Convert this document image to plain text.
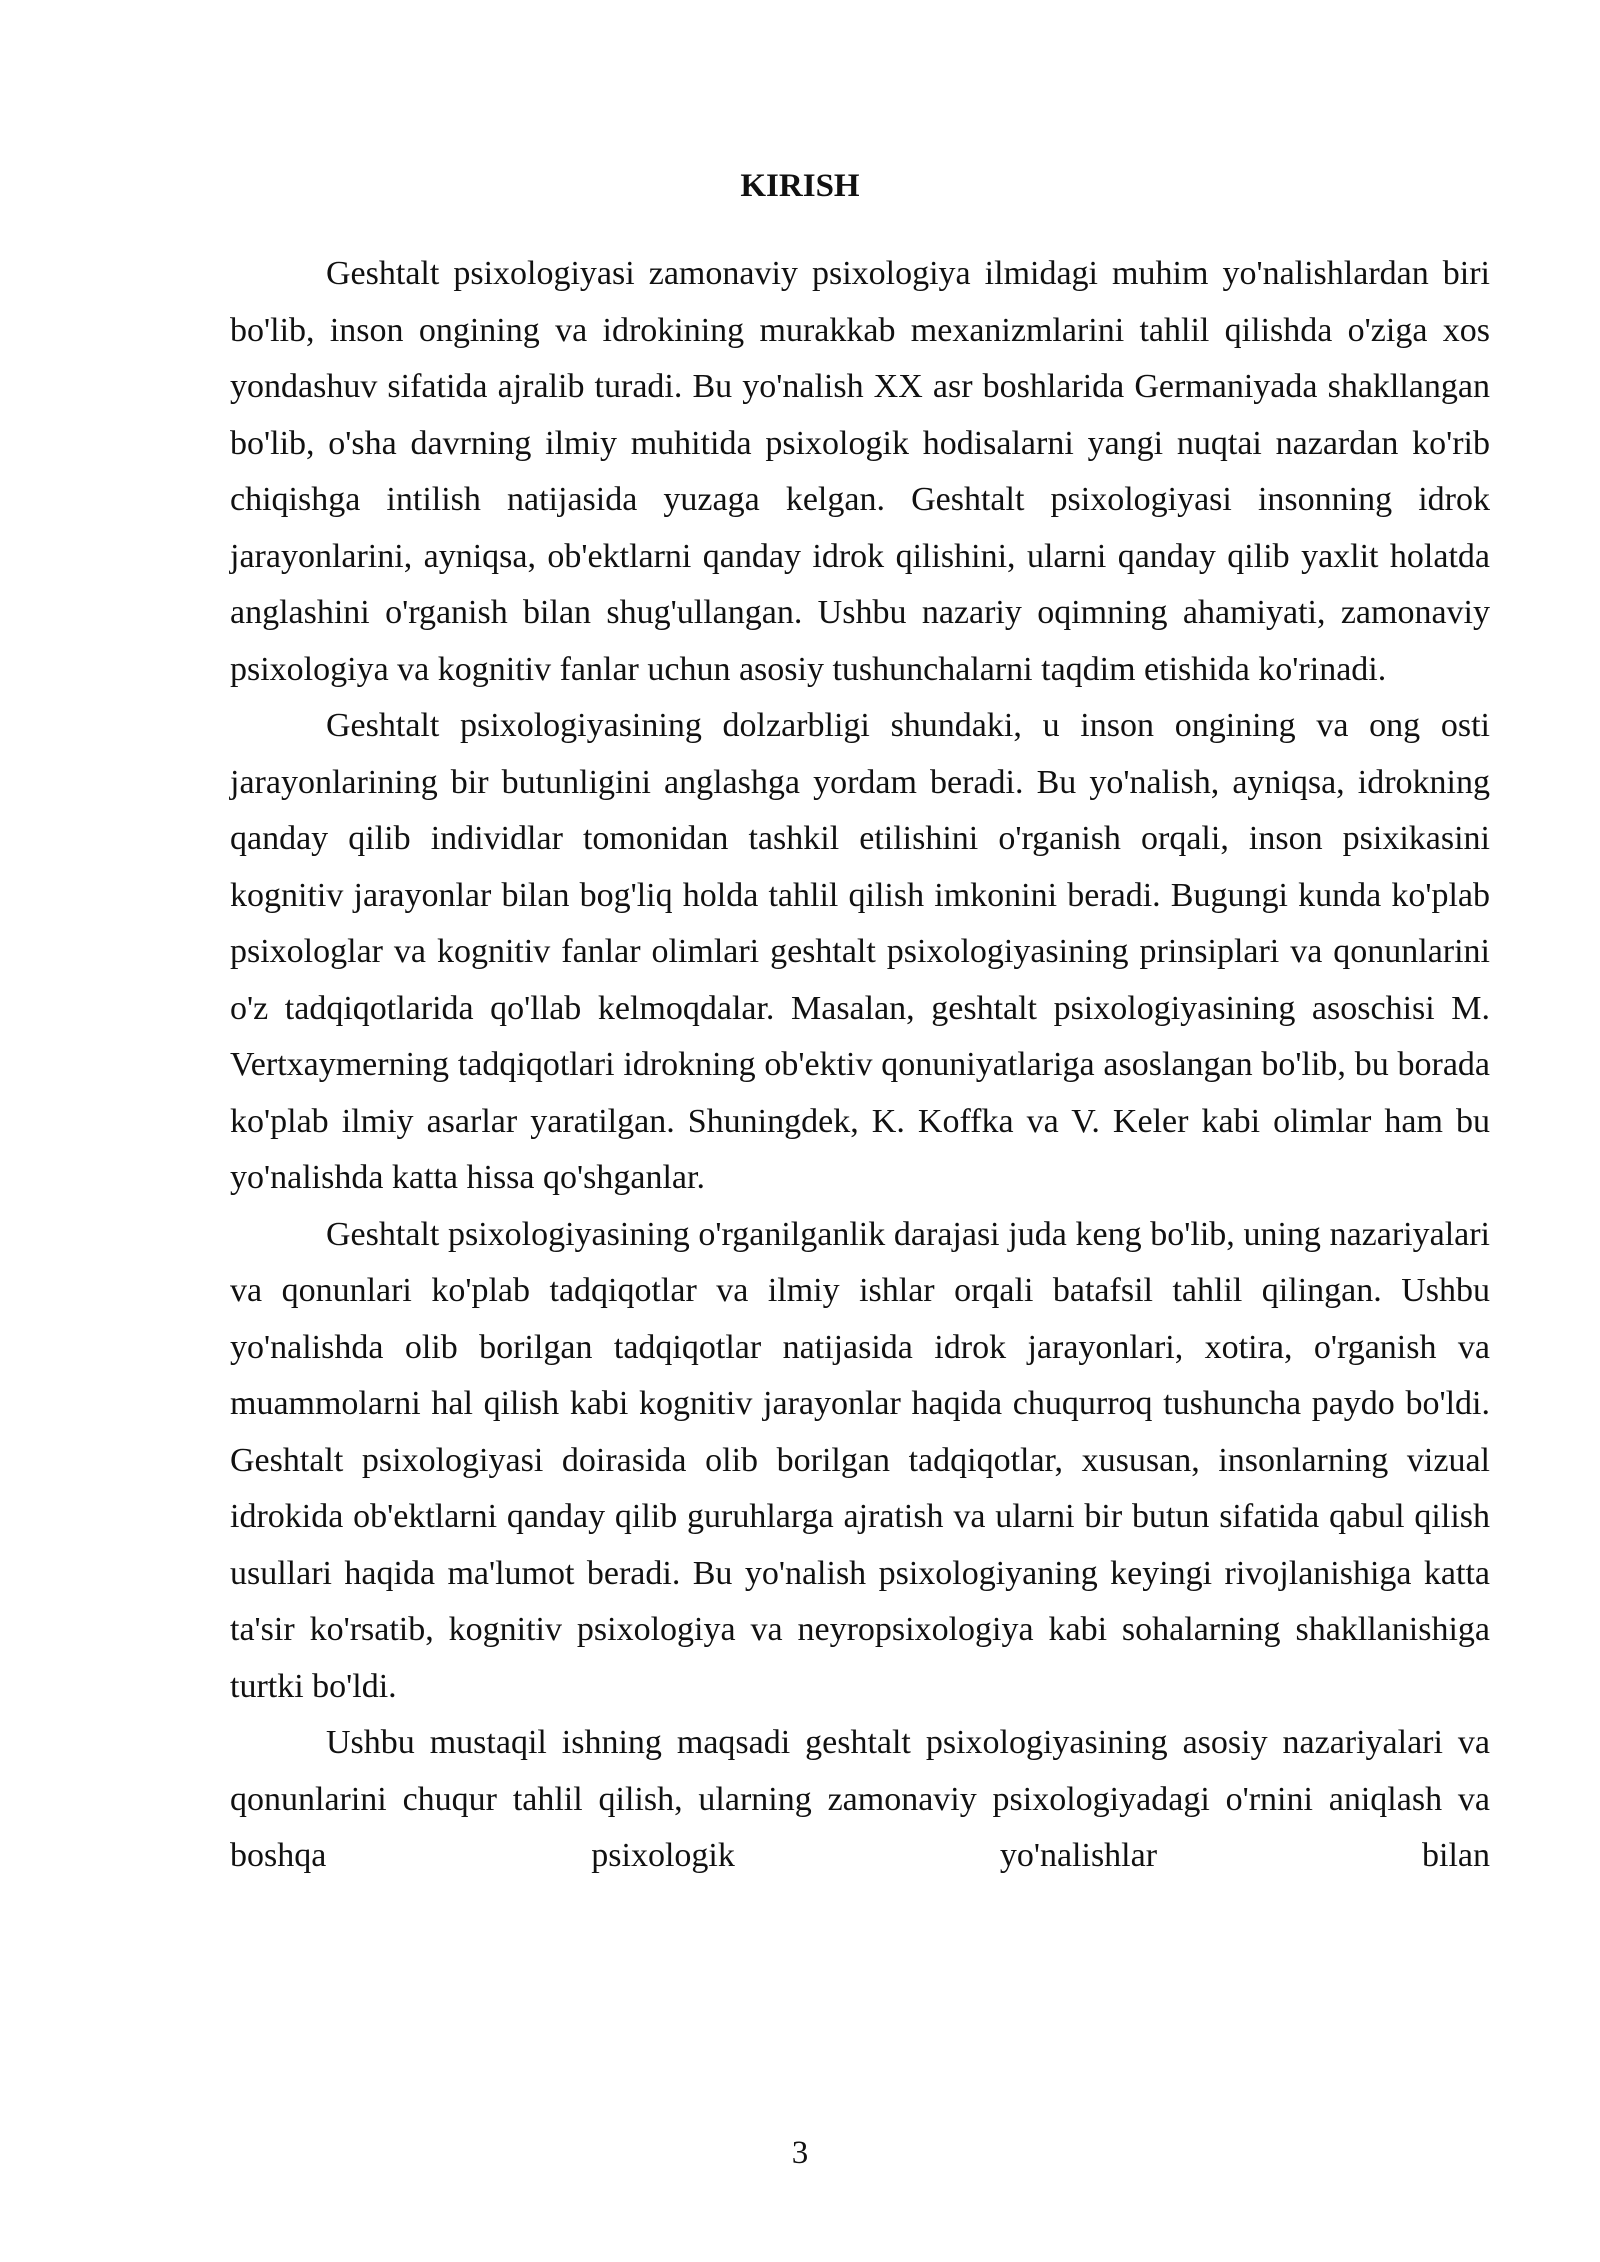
KIRISH

Geshtalt psixologiyasi zamonaviy psixologiya ilmidagi muhim yo'nalishlardan biri bo'lib, inson ongining va idrokining murakkab mexanizmlarini tahlil qilishda o'ziga xos yondashuv sifatida ajralib turadi. Bu yo'nalish XX asr boshlarida Germaniyada shakllangan bo'lib, o'sha davrning ilmiy muhitida psixologik hodisalarni yangi nuqtai nazardan ko'rib chiqishga intilish natijasida yuzaga kelgan. Geshtalt psixologiyasi insonning idrok jarayonlarini, ayniqsa, ob'ektlarni qanday idrok qilishini, ularni qanday qilib yaxlit holatda anglashini o'rganish bilan shug'ullangan. Ushbu nazariy oqimning ahamiyati, zamonaviy psixologiya va kognitiv fanlar uchun asosiy tushunchalarni taqdim etishida ko'rinadi.

Geshtalt psixologiyasining dolzarbligi shundaki, u inson ongining va ong osti jarayonlarining bir butunligini anglashga yordam beradi. Bu yo'nalish, ayniqsa, idrokning qanday qilib individlar tomonidan tashkil etilishini o'rganish orqali, inson psixikasini kognitiv jarayonlar bilan bog'liq holda tahlil qilish imkonini beradi. Bugungi kunda ko'plab psixologlar va kognitiv fanlar olimlari geshtalt psixologiyasining prinsiplari va qonunlarini o'z tadqiqotlarida qo'llab kelmoqdalar. Masalan, geshtalt psixologiyasining asoschisi M. Vertxaymerning tadqiqotlari idrokning ob'ektiv qonuniyatlariga asoslangan bo'lib, bu borada ko'plab ilmiy asarlar yaratilgan. Shuningdek, K. Koffka va V. Keler kabi olimlar ham bu yo'nalishda katta hissa qo'shganlar.

Geshtalt psixologiyasining o'rganilganlik darajasi juda keng bo'lib, uning nazariyalari va qonunlari ko'plab tadqiqotlar va ilmiy ishlar orqali batafsil tahlil qilingan. Ushbu yo'nalishda olib borilgan tadqiqotlar natijasida idrok jarayonlari, xotira, o'rganish va muammolarni hal qilish kabi kognitiv jarayonlar haqida chuqurroq tushuncha paydo bo'ldi. Geshtalt psixologiyasi doirasida olib borilgan tadqiqotlar, xususan, insonlarning vizual idrokida ob'ektlarni qanday qilib guruhlarga ajratish va ularni bir butun sifatida qabul qilish usullari haqida ma'lumot beradi. Bu yo'nalish psixologiyaning keyingi rivojlanishiga katta ta'sir ko'rsatib, kognitiv psixologiya va neyropsixologiya kabi sohalarning shakllanishiga turtki bo'ldi.

Ushbu mustaqil ishning maqsadi geshtalt psixologiyasining asosiy nazariyalari va qonunlarini chuqur tahlil qilish, ularning zamonaviy psixologiyadagi o'rnini aniqlash va boshqa psixologik yo'nalishlar bilan

3
